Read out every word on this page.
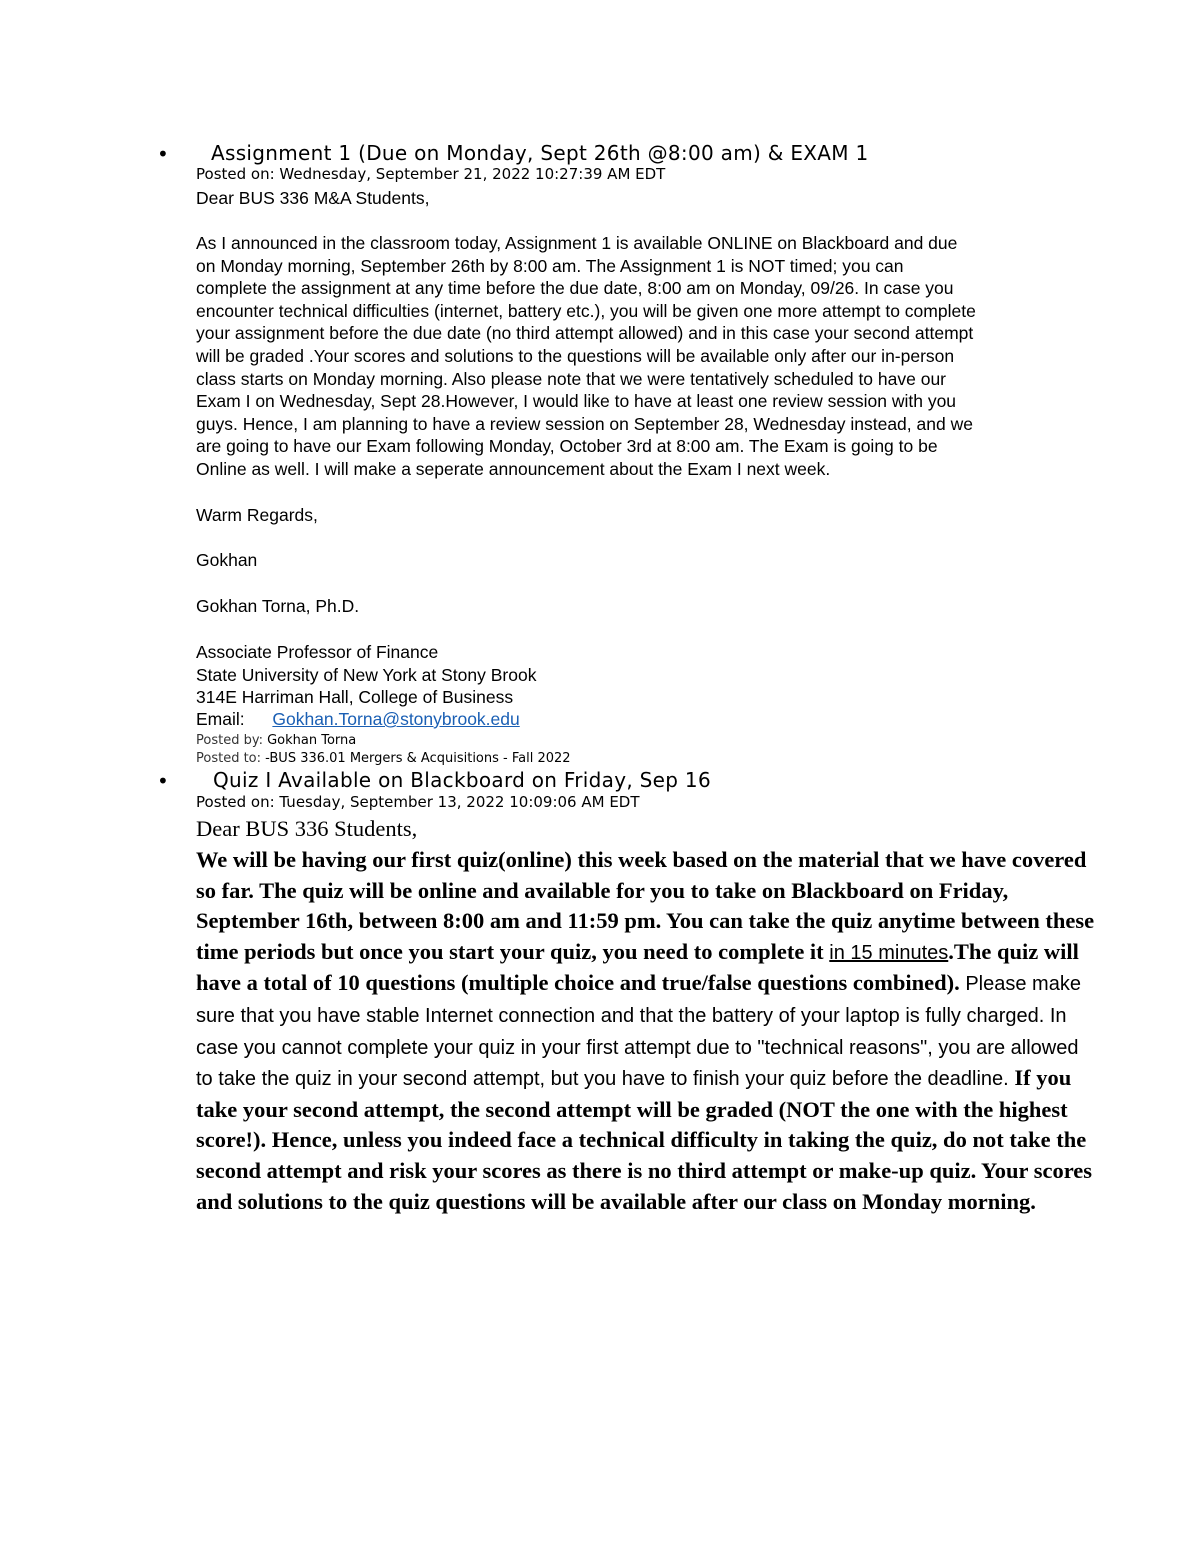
• Assignment 1 (Due on Monday, Sept 26th @8:00 am) & EXAM 1
Posted on: Wednesday, September 21, 2022 10:27:39 AM EDT
Dear BUS 336 M&A Students,
As I announced in the classroom today, Assignment 1 is available ONLINE on Blackboard and due
on Monday morning, September 26th by 8:00 am. The Assignment 1 is NOT timed; you can
complete the assignment at any time before the due date, 8:00 am on Monday, 09/26. In case you
encounter technical difficulties (internet, battery etc.), you will be given one more attempt to complete
your assignment before the due date (no third attempt allowed) and in this case your second attempt
will be graded .Your scores and solutions to the questions will be available only after our in-person
class starts on Monday morning. Also please note that we were tentatively scheduled to have our
Exam I on Wednesday, Sept 28.However, I would like to have at least one review session with you
guys. Hence, I am planning to have a review session on September 28, Wednesday instead, and we
are going to have our Exam following Monday, October 3rd at 8:00 am. The Exam is going to be
Online as well. I will make a seperate announcement about the Exam I next week.
Warm Regards,
Gokhan
Gokhan Torna, Ph.D.
Associate Professor of Finance
State University of New York at Stony Brook
314E Harriman Hall, College of Business
Email: Gokhan.Torna@stonybrook.edu
Posted by: Gokhan Torna
Posted to: -BUS 336.01 Mergers & Acquisitions - Fall 2022
• Quiz I Available on Blackboard on Friday, Sep 16
Posted on: Tuesday, September 13, 2022 10:09:06 AM EDT
Dear BUS 336 Students,
We will be having our first quiz(online) this week based on the material that we have covered so far. The quiz will be online and available for you to take on Blackboard on Friday, September 16th, between 8:00 am and 11:59 pm. You can take the quiz anytime between these time periods but once you start your quiz, you need to complete it in 15 minutes.The quiz will have a total of 10 questions (multiple choice and true/false questions combined). Please make sure that you have stable Internet connection and that the battery of your laptop is fully charged. In case you cannot complete your quiz in your first attempt due to "technical reasons", you are allowed to take the quiz in your second attempt, but you have to finish your quiz before the deadline. If you take your second attempt, the second attempt will be graded (NOT the one with the highest score!). Hence, unless you indeed face a technical difficulty in taking the quiz, do not take the second attempt and risk your scores as there is no third attempt or make-up quiz. Your scores and solutions to the quiz questions will be available after our class on Monday morning.
